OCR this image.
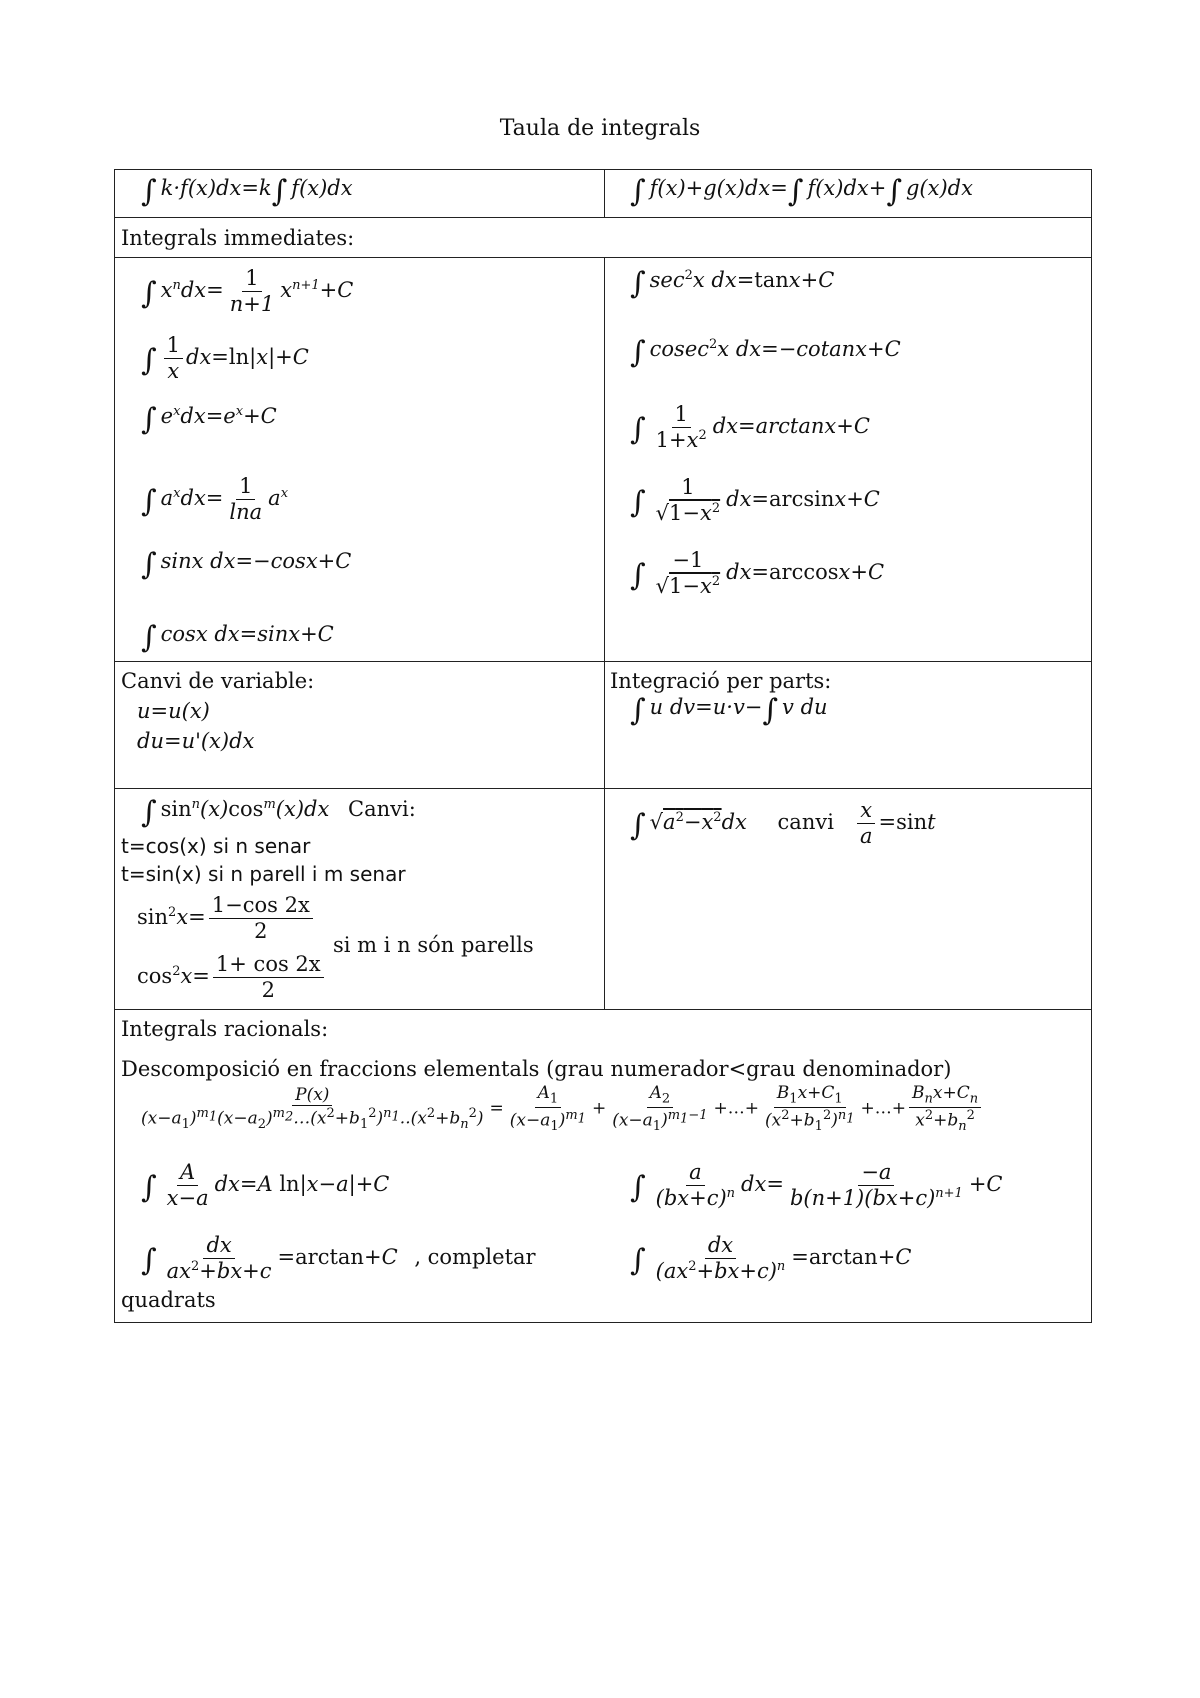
Taula de integrals
∫ k·f(x)dx=k∫ f(x)dx	∫ f(x)+g(x)dx=∫ f(x)dx+∫ g(x)dx
Integrals immediates:
∫ $x^ndx= \frac{1}{n+1} x^{n+1}+C$
∫ $\frac{1}{x} dx=\ln|x|+C$
∫ $e^xdx=e^x+C$
∫ $a^xdx= \frac{1}{\ln a} a^x$
∫ sinx dx=−cosx+C
∫ cosx dx=sinx+C
∫ $\sec^2x$ dx=tanx+C
∫ cosec$^2$x dx=−cotanx+C
∫ $\frac{1}{1+x^2} dx=\arctan x+C$
∫ $\frac{1}{√1-x^2} dx=\arcsin x+C$
∫ $\frac{-1}{√1-x^2} dx=\arccos x+C$
Canvi de variable:
u=u(x)
du=u'(x)dx
Integració per parts:
∫ u dv=u·v−∫ v du
∫ $\sin^n(x)\cos^m(x)dx$ Canvi:
t=cos(x) si n senar
t=sin(x) si n parell i m senar
$\sin^2x= \frac{1-\cos 2x}{2}$
$\cos^2x= \frac{1+ \cos 2x}{2}$
si m i n són parells
∫ $√a^2-x^2dx$ canvi $\frac{x}{a} =\sin t$
Integrals racionals:
Descomposició en fraccions elementals (grau numerador<grau denominador)
$\frac{P(x)}{(x-a_1)^{m_1}(x-a_2)^{m_2}\dots(x^2+b_1^2)^{n_1}..(x^2+b_n^2)} = \frac{A_1}{(x-a_1)^{m_1}} + \frac{A_2}{(x-a_1)^{m_1-1}}$ +…+ $\frac{B_1x+C_1}{(x^2+b_1^2)^{n_1}}$ +…+ $\frac{B_nx+C_n}{x^2+b_n^2}$
∫ $\frac{A}{x-a} dx=A$ ln|x−a|+C	∫ $\frac{a}{(bx+c)^n} dx= \frac{-a}{b(n+1)(bx+c)^{n+1}} +C$
∫ $\frac{dx}{ax^2+bx+c} =\arctan+C$ , completar
quadrats
∫ $\frac{dx}{(ax^2+bx+c)^n} =\arctan+C$
